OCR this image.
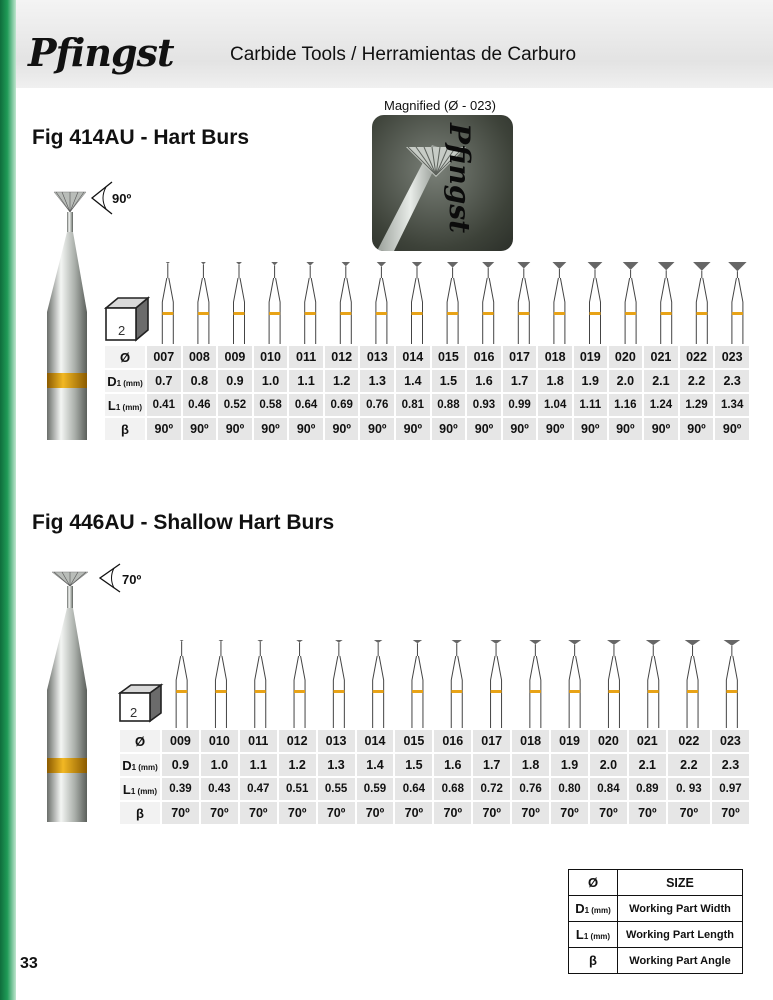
Pfingst	Carbide Tools / Herramientas de Carburo
Fig 414AU - Hart Burs
Magnified (Ø - 023)
Pfingst
90º
2
Ø	007	008	009	010	011	012	013	014	015	016	017	018	019	020	021	022	023
D1 (mm)	0.7	0.8	0.9	1.0	1.1	1.2	1.3	1.4	1.5	1.6	1.7	1.8	1.9	2.0	2.1	2.2	2.3
L1 (mm)	0.41	0.46	0.52	0.58	0.64	0.69	0.76	0.81	0.88	0.93	0.99	1.04	1.11	1.16	1.24	1.29	1.34
β	90º	90º	90º	90º	90º	90º	90º	90º	90º	90º	90º	90º	90º	90º	90º	90º	90º
Fig 446AU - Shallow Hart Burs
70º
2
Ø	009	010	011	012	013	014	015	016	017	018	019	020	021	022	023
D1 (mm)	0.9	1.0	1.1	1.2	1.3	1.4	1.5	1.6	1.7	1.8	1.9	2.0	2.1	2.2	2.3
L1 (mm)	0.39	0.43	0.47	0.51	0.55	0.59	0.64	0.68	0.72	0.76	0.80	0.84	0.89	0. 93	0.97
β	70º	70º	70º	70º	70º	70º	70º	70º	70º	70º	70º	70º	70º	70º	70º
Ø	SIZE
D1 (mm)	Working Part Width
L1 (mm)	Working Part Length
β	Working Part Angle
33
